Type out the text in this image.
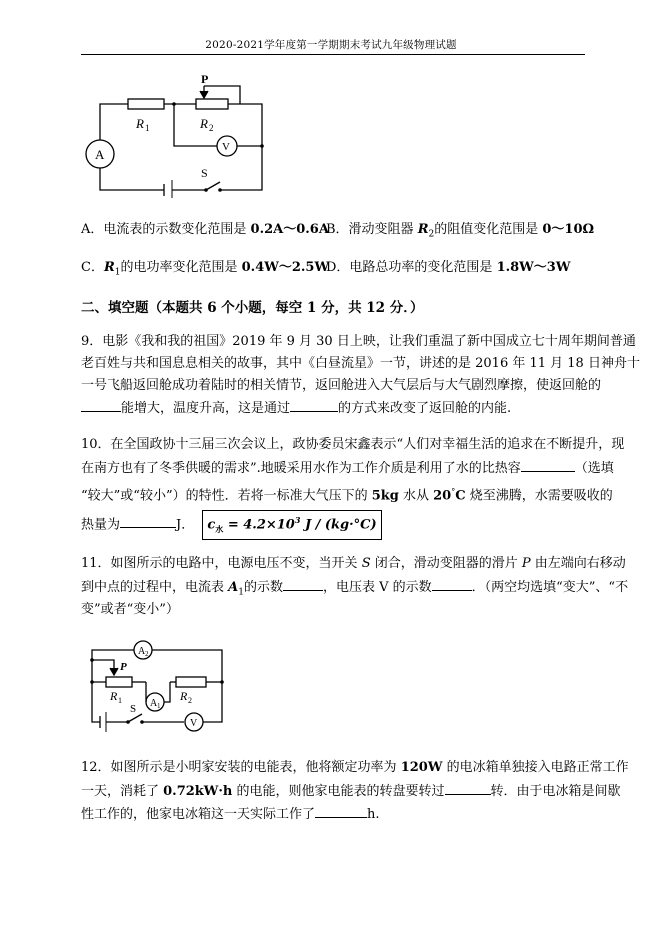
2020-2021学年度第一学期期末考试九年级物理试题
P
R 1	R 2
A	V
S
A．电流表的示数变化范围是 0.2A～0.6A
B．滑动变阻器 $R_2$的阻值变化范围是 0～10Ω
C．$R_1$的电功率变化范围是 0.4W～2.5W
D．电路总功率的变化范围是 1.8W～3W
二、填空题（本题共 6 个小题，每空 1 分，共 12 分．）
9．电影《我和我的祖国》2019 年 9 月 30 日上映，让我们重温了新中国成立七十周年期间普通
老百姓与共和国息息相关的故事，其中《白昼流星》一节，讲述的是 2016 年 11 月 18 日神舟十
一号飞船返回舱成功着陆时的相关情节，返回舱进入大气层后与大气剧烈摩擦，使返回舱的
能增大，温度升高，这是通过	的方式来改变了返回舱的内能.
10．在全国政协十三届三次会议上，政协委员宋鑫表示“人们对幸福生活的追求在不断提升，现
在南方也有了冬季供暖的需求”.地暖采用水作为工作介质是利用了水的比热容	（选填
“较大”或“较小”）的特性．若将一标准大气压下的 5kg 水从 20°C 烧至沸腾，水需要吸收的
热量为	J． $c_水 = 4.2\times 10^3$ J / (kg·°C)
11．如图所示的电路中，电源电压不变，当开关 S 闭合，滑动变阻器的滑片 P 由左端向右移动
到中点的过程中，电流表 $A_1$的示数	，电压表 V 的示数	．（两空均选填“变大”、“不
变”或者“变小”）
A 2
P
R 1	A 1
R 2
S
V
12．如图所示是小明家安装的电能表，他将额定功率为 120W 的电冰箱单独接入电路正常工作
一天，消耗了 0.72kW·h 的电能，则他家电能表的转盘要转过	转．由于电冰箱是间歇
性工作的，他家电冰箱这一天实际工作了	h.
